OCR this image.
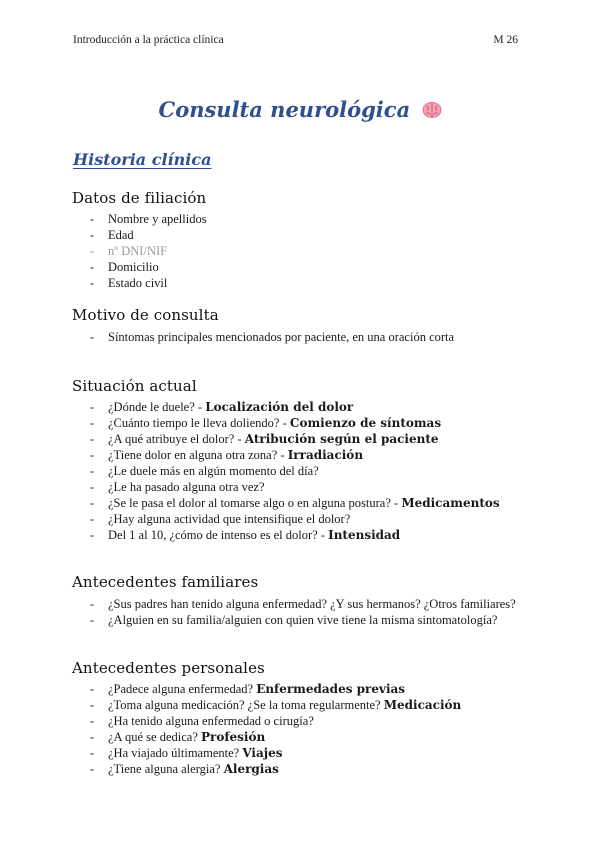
Introducción a la práctica clínica	M 26
Consulta neurológica
Historia clínica
Datos de filiación
- Nombre y apellidos
- Edad
- nº DNI/NIF
- Domicilio
- Estado civil
Motivo de consulta
- Síntomas principales mencionados por paciente, en una oración corta
Situación actual
- ¿Dónde le duele? - Localización del dolor
- ¿Cuánto tiempo le lleva doliendo? - Comienzo de síntomas
- ¿A qué atribuye el dolor? - Atribución según el paciente
- ¿Tiene dolor en alguna otra zona? - Irradiación
- ¿Le duele más en algún momento del día?
- ¿Le ha pasado alguna otra vez?
- ¿Se le pasa el dolor al tomarse algo o en alguna postura? - Medicamentos
- ¿Hay alguna actividad que intensifique el dolor?
- Del 1 al 10, ¿cómo de intenso es el dolor? - Intensidad
Antecedentes familiares
- ¿Sus padres han tenido alguna enfermedad? ¿Y sus hermanos? ¿Otros familiares?
- ¿Alguien en su familia/alguien con quien vive tiene la misma sintomatología?
Antecedentes personales
- ¿Padece alguna enfermedad? Enfermedades previas
- ¿Toma alguna medicación? ¿Se la toma regularmente? Medicación
- ¿Ha tenido alguna enfermedad o cirugía?
- ¿A qué se dedica? Profesión
- ¿Ha viajado últimamente? Viajes
- ¿Tiene alguna alergia? Alergias
